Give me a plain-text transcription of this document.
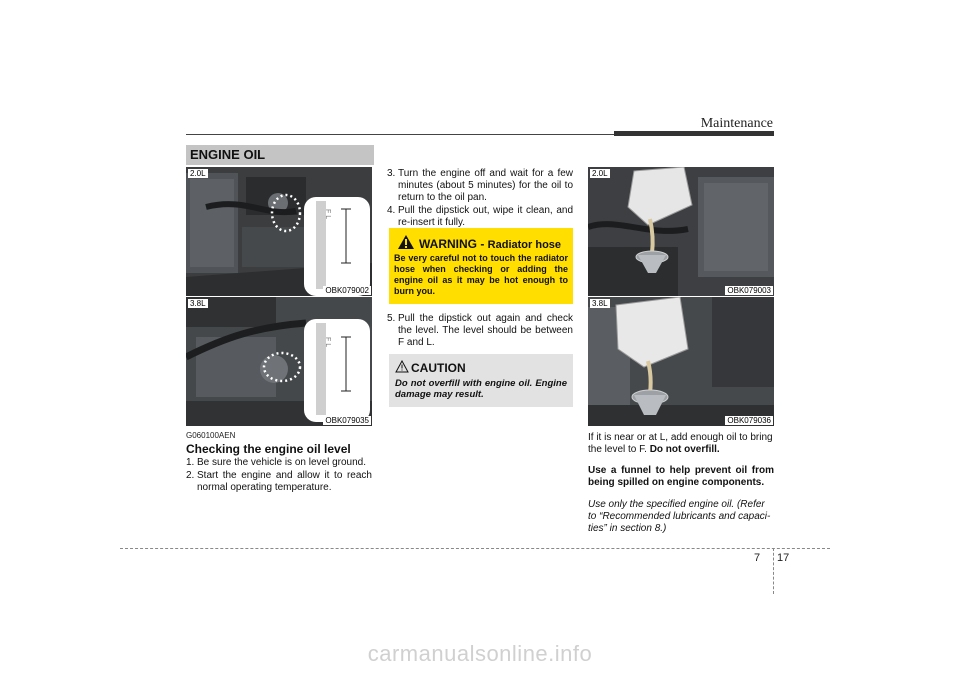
Maintenance
ENGINE OIL
2.0L
F L
OBK079002
3.8L
F L
OBK079035
G060100AEN
Checking the engine oil level
1. Be sure the vehicle is on level ground.
2. Start the engine and allow it to reach normal operating temperature.
3. Turn the engine off and wait for a few minutes (about 5 minutes) for the oil to return to the oil pan.
4. Pull the dipstick out, wipe it clean, and re-insert it fully.
WARNING - Radiator hose
Be very careful not to touch the radiator hose when checking or adding the engine oil as it may be hot enough to burn you.
5. Pull the dipstick out again and check the level. The level should be between F and L.
CAUTION
Do not overfill with engine oil. Engine damage may result.
2.0L
OBK079003
3.8L
OBK079036
If it is near or at L, add enough oil to bring the level to F. Do not overfill.
Use a funnel to help prevent oil from being spilled on engine components.
Use only the specified engine oil. (Refer to “Recommended lubricants and capaci-ties” in section 8.)
7 17
carmanualsonline.info
